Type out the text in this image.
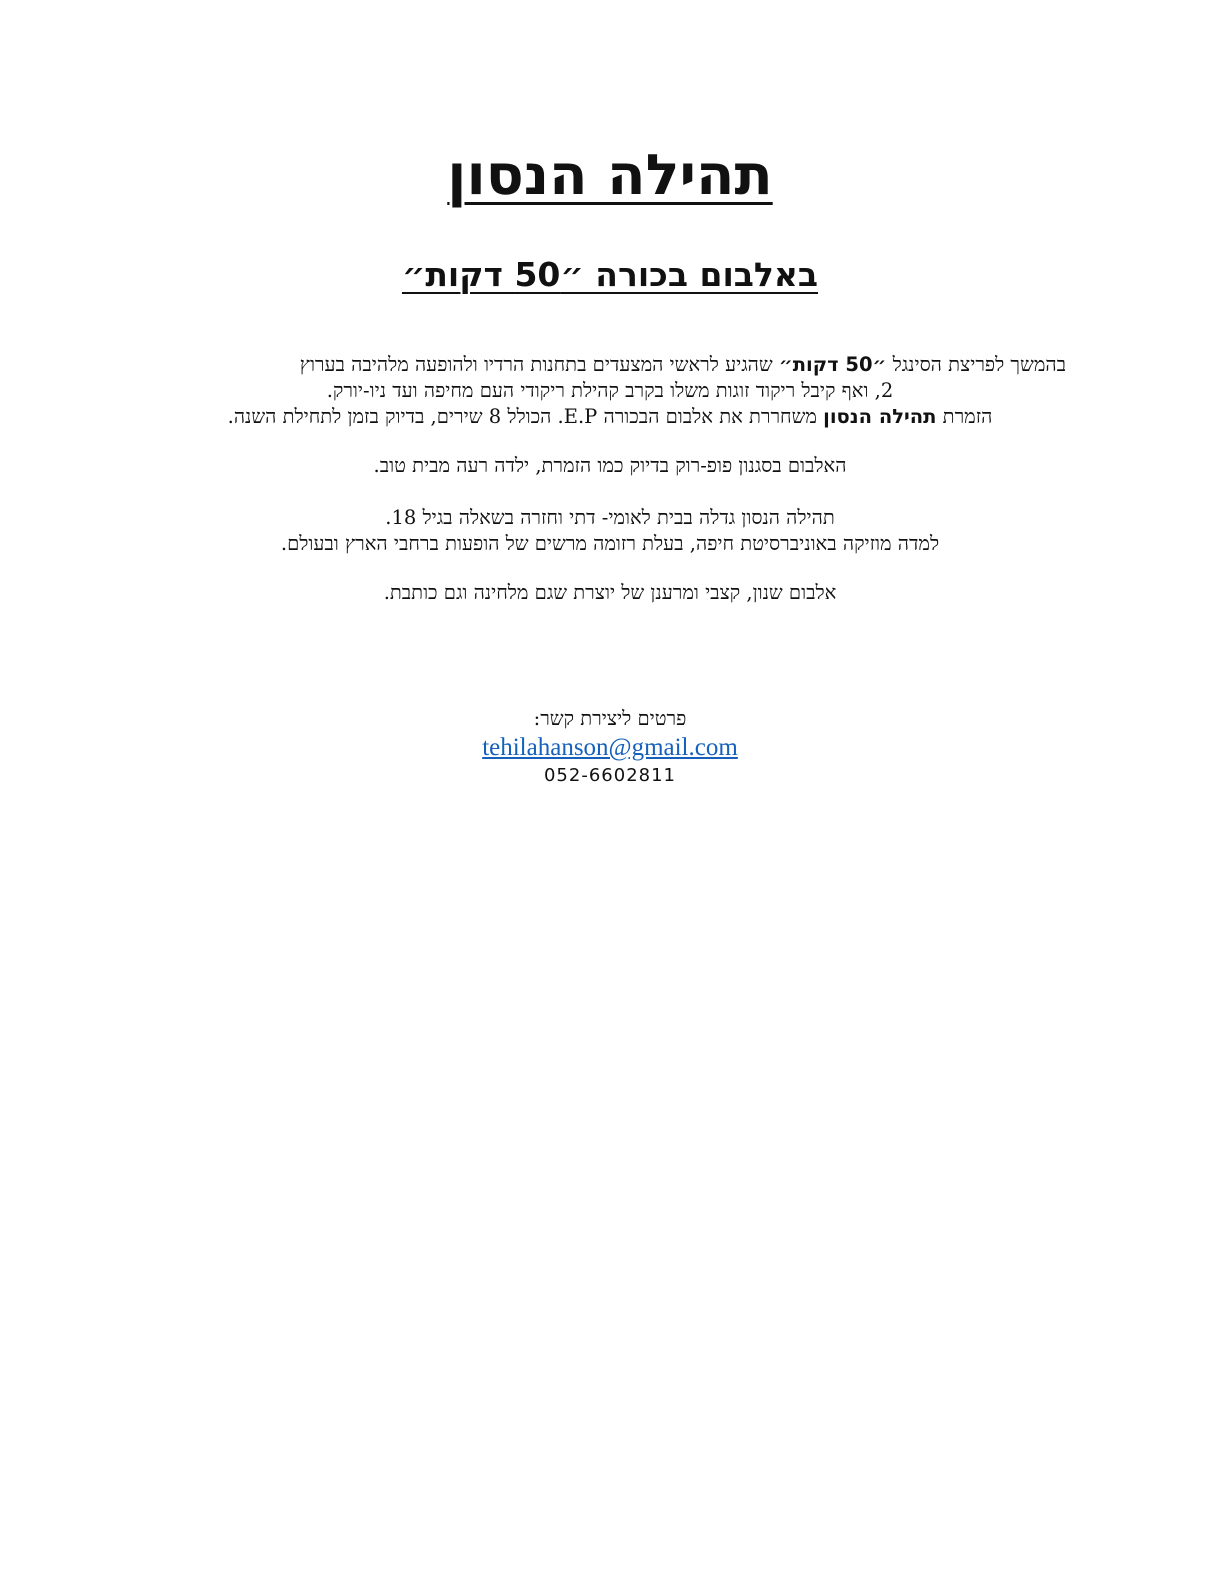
תהילה הנסון
באלבום בכורה ״50 דקות״

בהמשך לפריצת הסינגל ״50 דקות״ שהגיע לראשי המצעדים בתחנות הרדיו ולהופעה מלהיבה בערוץ
2, ואף קיבל ריקוד זוגות משלו בקרב קהילת ריקודי העם מחיפה ועד ניו-יורק.
הזמרת תהילה הנסון משחררת את אלבום הבכורה E.P. הכולל 8 שירים, בדיוק בזמן לתחילת השנה.

האלבום בסגנון פופ-רוק בדיוק כמו הזמרת, ילדה רעה מבית טוב.

תהילה הנסון גדלה בבית לאומי- דתי וחזרה בשאלה בגיל 18.
למדה מוזיקה באוניברסיטת חיפה, בעלת רזומה מרשים של הופעות ברחבי הארץ ובעולם.

אלבום שנון, קצבי ומרענן של יוצרת שגם מלחינה וגם כותבת.

פרטים ליצירת קשר:
tehilahanson@gmail.com
052-6602811
